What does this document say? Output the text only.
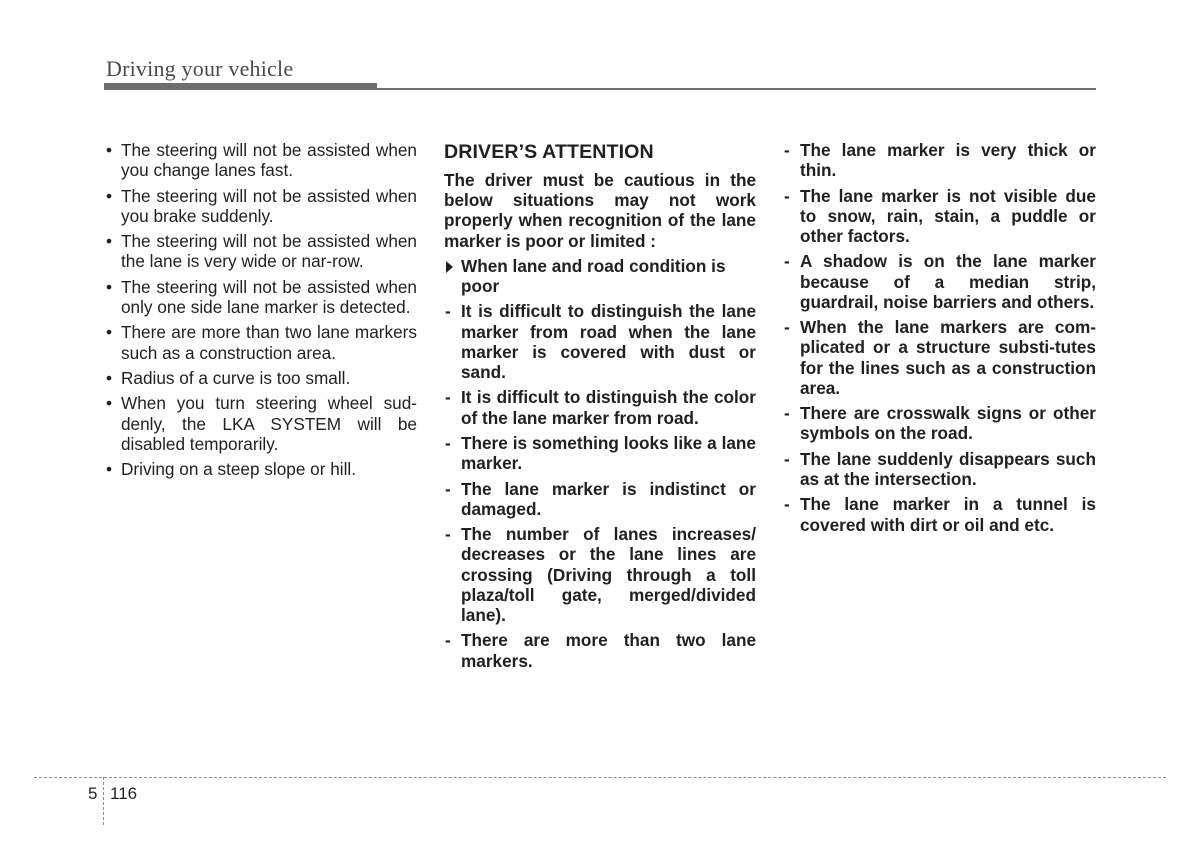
Driving your vehicle
• The steering will not be assisted when you change lanes fast.
• The steering will not be assisted when you brake suddenly.
• The steering will not be assisted when the lane is very wide or nar-row.
• The steering will not be assisted when only one side lane marker is detected.
• There are more than two lane markers such as a construction area.
• Radius of a curve is too small.
• When you turn steering wheel sud-denly, the LKA SYSTEM will be disabled temporarily.
• Driving on a steep slope or hill.
DRIVER’S ATTENTION
The driver must be cautious in the below situations may not work properly when recognition of the lane marker is poor or limited :
When lane and road condition is poor
- It is difficult to distinguish the lane marker from road when the lane marker is covered with dust or sand.
- It is difficult to distinguish the color of the lane marker from road.
- There is something looks like a lane marker.
- The lane marker is indistinct or damaged.
- The number of lanes increases/ decreases or the lane lines are crossing (Driving through a toll plaza/toll gate, merged/divided lane).
- There are more than two lane markers.
- The lane marker is very thick or thin.
- The lane marker is not visible due to snow, rain, stain, a puddle or other factors.
- A shadow is on the lane marker because of a median strip, guardrail, noise barriers and others.
- When the lane markers are com-plicated or a structure substi-tutes for the lines such as a construction area.
- There are crosswalk signs or other symbols on the road.
- The lane suddenly disappears such as at the intersection.
- The lane marker in a tunnel is covered with dirt or oil and etc.
5 116
